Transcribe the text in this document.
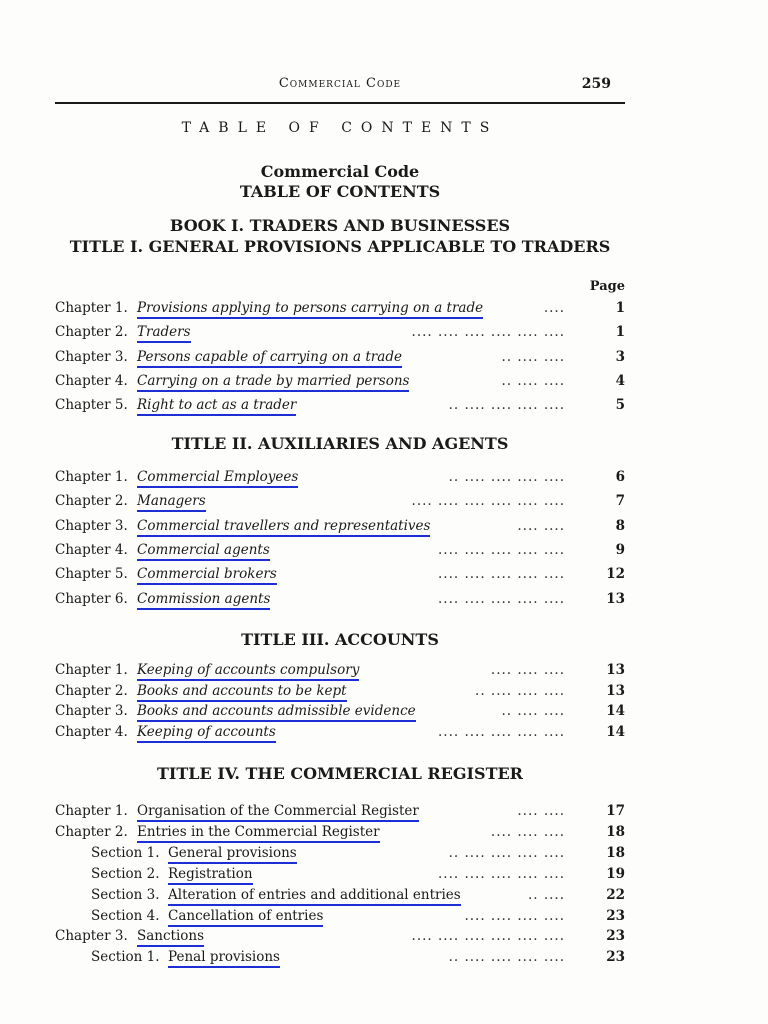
Commercial Code	259
TABLE OF CONTENTS
Commercial Code
TABLE OF CONTENTS
BOOK I. TRADERS AND BUSINESSES
Page
TITLE I. GENERAL PROVISIONS APPLICABLE TO TRADERS
Chapter 1. Provisions applying to persons carrying on a trade	....	1
Chapter 2. Traders	.... .... .... .... .... ....	1
Chapter 3. Persons capable of carrying on a trade	.. .... ....	3
Chapter 4. Carrying on a trade by married persons	.. .... ....	4
Chapter 5. Right to act as a trader	.. .... .... .... ....	5
TITLE II. AUXILIARIES AND AGENTS
Chapter 1. Commercial Employees	.. .... .... .... ....	6
Chapter 2. Managers	.... .... .... .... .... ....	7
Chapter 3. Commercial travellers and representatives	.... ....	8
Chapter 4. Commercial agents	.... .... .... .... ....	9
Chapter 5. Commercial brokers	.... .... .... .... ....	12
Chapter 6. Commission agents	.... .... .... .... ....	13
TITLE III. ACCOUNTS
Chapter 1. Keeping of accounts compulsory	.... .... ....	13
Chapter 2. Books and accounts to be kept	.. .... .... ....	13
Chapter 3. Books and accounts admissible evidence	.. .... ....	14
Chapter 4. Keeping of accounts	.... .... .... .... ....	14
TITLE IV. THE COMMERCIAL REGISTER
Chapter 1. Organisation of the Commercial Register	.... ....	17
Chapter 2. Entries in the Commercial Register	.... .... ....	18
Section 1. General provisions	.. .... .... .... ....	18
Section 2. Registration	.... .... .... .... ....	19
Section 3. Alteration of entries and additional entries	.. ....	22
Section 4. Cancellation of entries	.... .... .... ....	23
Chapter 3. Sanctions	.... .... .... .... .... ....	23
Section 1. Penal provisions	.. .... .... .... ....	23
